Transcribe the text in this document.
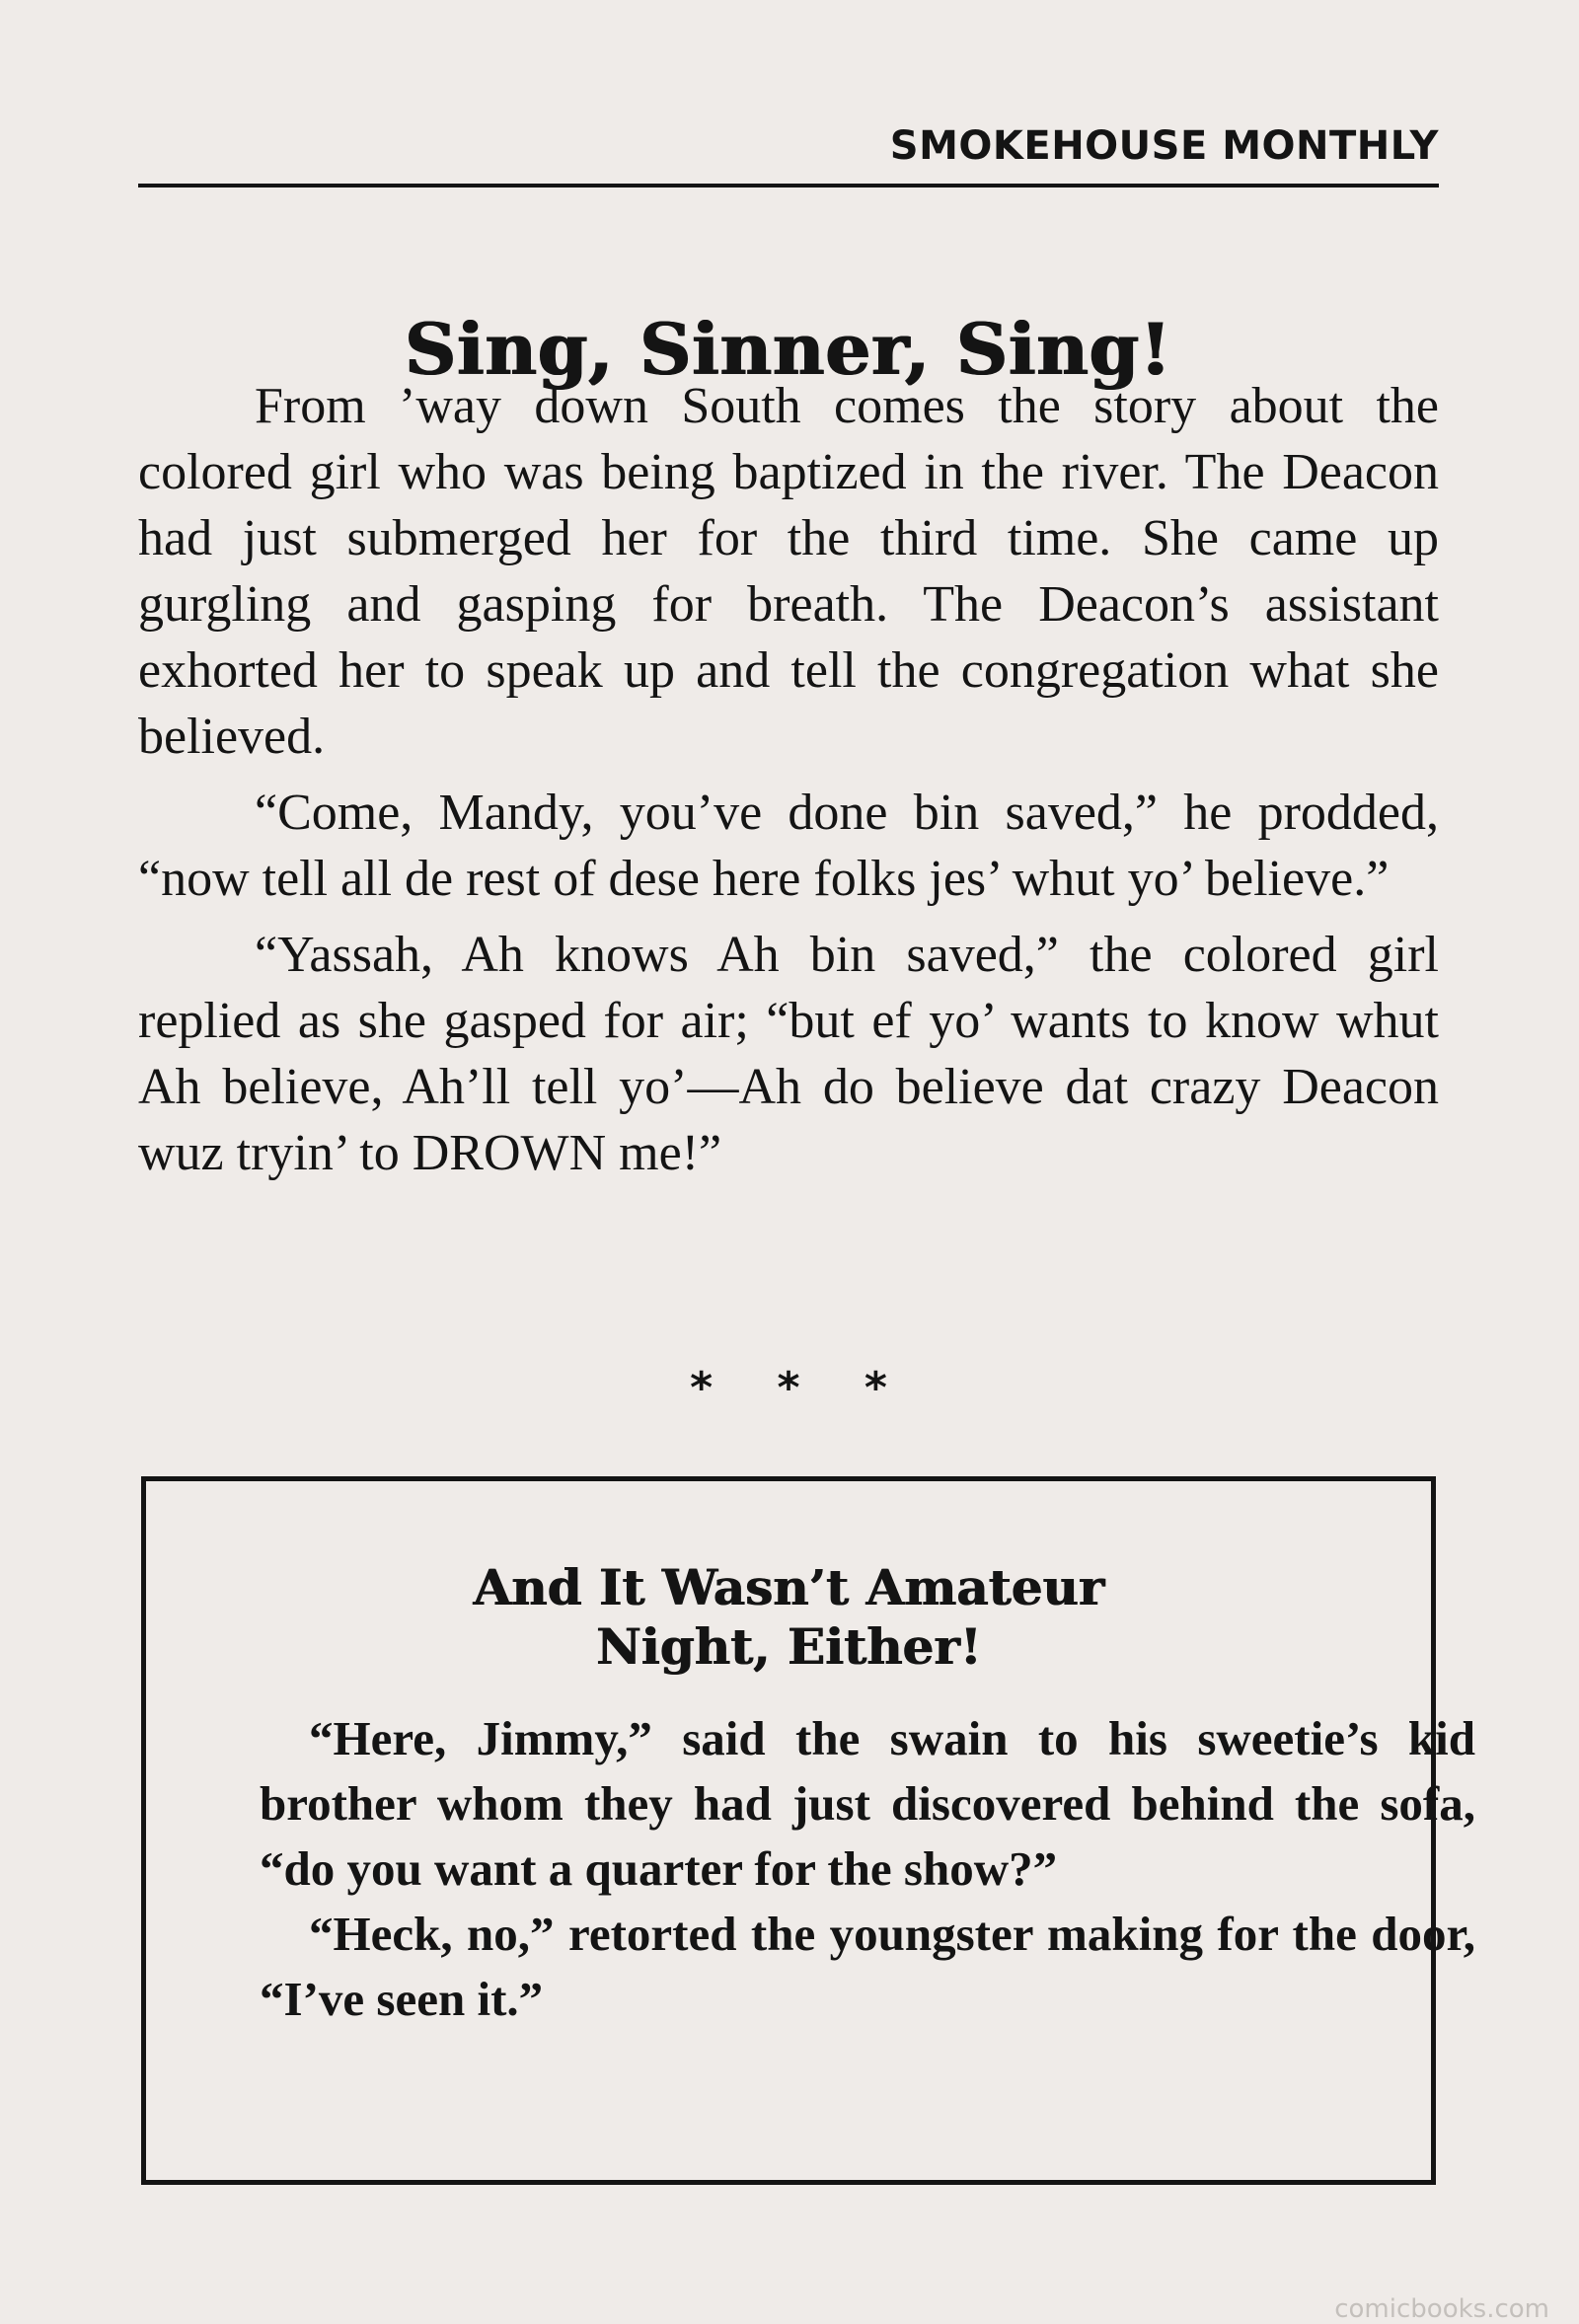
SMOKEHOUSE MONTHLY
Sing, Sinner, Sing!

From ’way down South comes the story about the colored girl who was being baptized in the river. The Deacon had just submerged her for the third time. She came up gurgling and gasping for breath. The Deacon’s assistant exhorted her to speak up and tell the congregation what she believed.

“Come, Mandy, you’ve done bin saved,” he prodded, “now tell all de rest of dese here folks jes’ whut yo’ believe.”

“Yassah, Ah knows Ah bin saved,” the colored girl replied as she gasped for air; “but ef yo’ wants to know whut Ah believe, Ah’ll tell yo’—Ah do believe dat crazy Deacon wuz tryin’ to DROWN me!”

* * *
And It Wasn’t Amateur
Night, Either!

“Here, Jimmy,” said the swain to his sweetie’s kid brother whom they had just discovered behind the sofa, “do you want a quarter for the show?”

“Heck, no,” retorted the youngster making for the door, “I’ve seen it.”

comicbooks.com
